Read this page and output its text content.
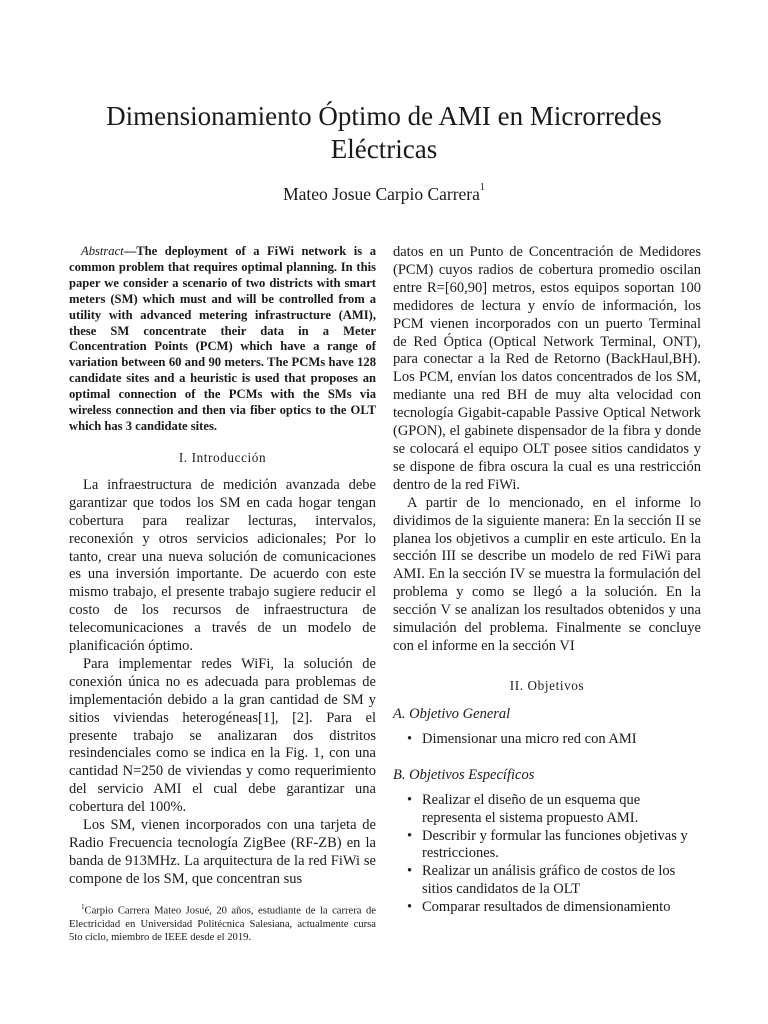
Dimensionamiento Óptimo de AMI en Microrredes Eléctricas
Mateo Josue Carpio Carrera$^1$

Abstract—The deployment of a FiWi network is a common problem that requires optimal planning. In this paper we consider a scenario of two districts with smart meters (SM) which must and will be controlled from a utility with advanced metering infrastructure (AMI), these SM concentrate their data in a Meter Concentration Points (PCM) which have a range of variation between 60 and 90 meters. The PCMs have 128 candidate sites and a heuristic is used that proposes an optimal connection of the PCMs with the SMs via wireless connection and then via fiber optics to the OLT which has 3 candidate sites.

I. Introducción

La infraestructura de medición avanzada debe garantizar que todos los SM en cada hogar tengan cobertura para realizar lecturas, intervalos, reconexión y otros servicios adicionales; Por lo tanto, crear una nueva solución de comunicaciones es una inversión importante. De acuerdo con este mismo trabajo, el presente trabajo sugiere reducir el costo de los recursos de infraestructura de telecomunicaciones a través de un modelo de planificación óptimo.

Para implementar redes WiFi, la solución de conexión única no es adecuada para problemas de implementación debido a la gran cantidad de SM y sitios viviendas heterogéneas[1], [2]. Para el presente trabajo se analizaran dos distritos resindenciales como se indica en la Fig. 1, con una cantidad N=250 de viviendas y como requerimiento del servicio AMI el cual debe garantizar una cobertura del 100%.

Los SM, vienen incorporados con una tarjeta de Radio Frecuencia tecnología ZigBee (RF-ZB) en la banda de 913MHz. La arquitectura de la red FiWi se compone de los SM, que concentran sus

$^1$Carpio Carrera Mateo Josué, 20 años, estudiante de la carrera de Electricidad en Universidad Politécnica Salesiana, actualmente cursa 5to ciclo, miembro de IEEE desde el 2019.

datos en un Punto de Concentración de Medidores (PCM) cuyos radios de cobertura promedio oscilan entre R=[60,90] metros, estos equipos soportan 100 medidores de lectura y envío de información, los PCM vienen incorporados con un puerto Terminal de Red Óptica (Optical Network Terminal, ONT), para conectar a la Red de Retorno (BackHaul,BH). Los PCM, envían los datos concentrados de los SM, mediante una red BH de muy alta velocidad con tecnología Gigabit-capable Passive Optical Network (GPON), el gabinete dispensador de la fibra y donde se colocará el equipo OLT posee sitios candidatos y se dispone de fibra oscura la cual es una restricción dentro de la red FiWi.

A partir de lo mencionado, en el informe lo dividimos de la siguiente manera: En la sección II se planea los objetivos a cumplir en este articulo. En la sección III se describe un modelo de red FiWi para AMI. En la sección IV se muestra la formulación del problema y como se llegó a la solución. En la sección V se analizan los resultados obtenidos y una simulación del problema. Finalmente se concluye con el informe en la sección VI

II. Objetivos
A. Objetivo General
• Dimensionar una micro red con AMI
B. Objetivos Específicos
• Realizar el diseño de un esquema que representa el sistema propuesto AMI.
• Describir y formular las funciones objetivas y restricciones.
• Realizar un análisis gráfico de costos de los sitios candidatos de la OLT
• Comparar resultados de dimensionamiento
